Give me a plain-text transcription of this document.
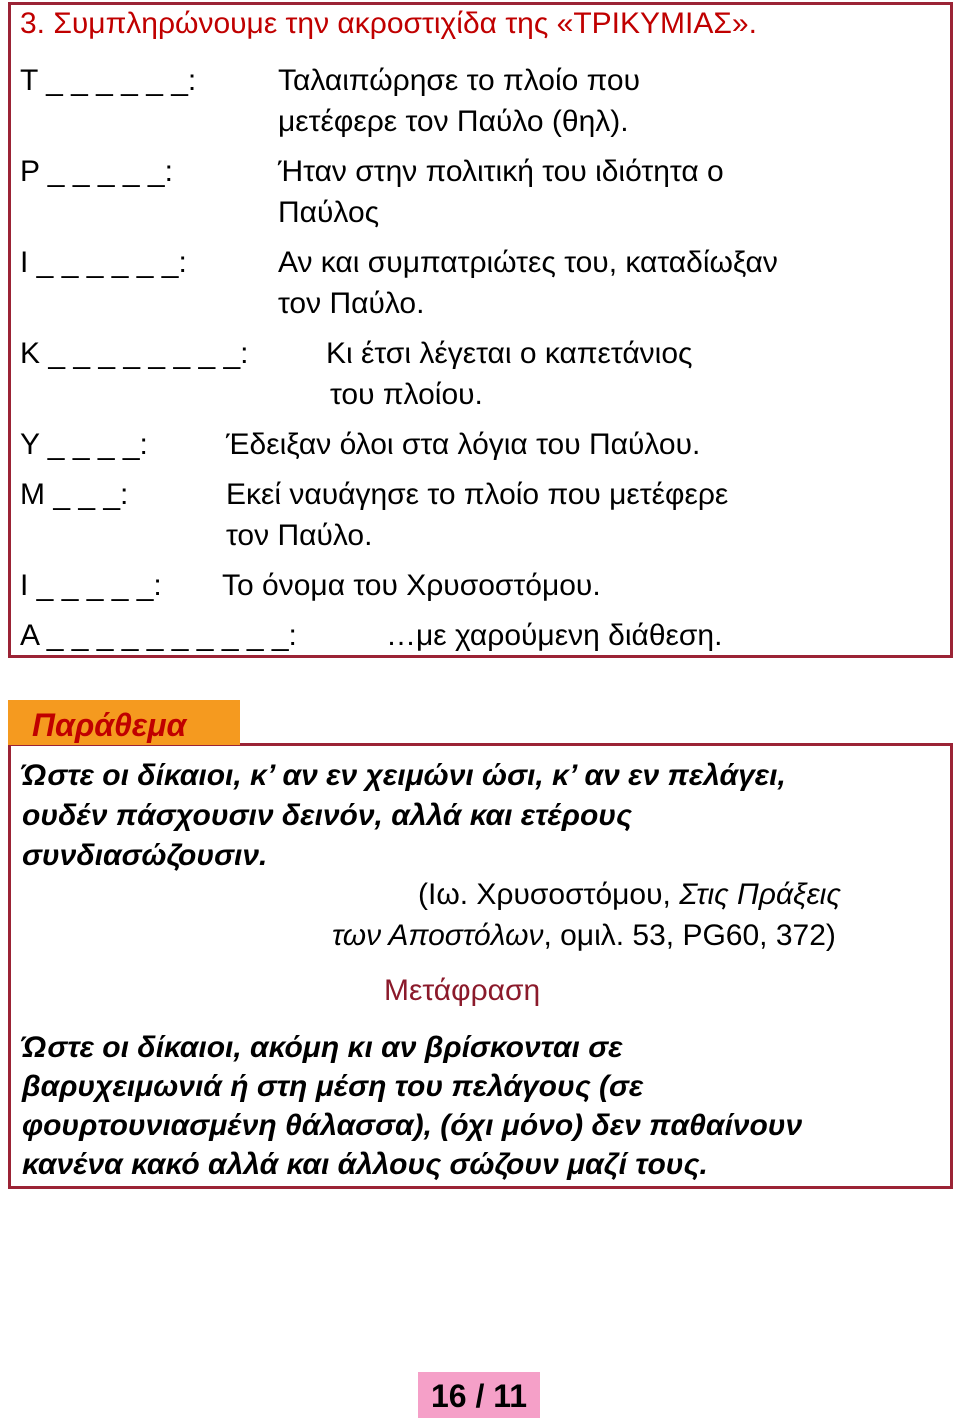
3. Συμπληρώνουμε την ακροστιχίδα της «ΤΡΙΚΥΜΙΑΣ».
Τ _ _ _ _ _ _:	Ταλαιπώρησε το πλοίο που
μετέφερε τον Παύλο (θηλ).
Ρ _ _ _ _ _:	Ήταν στην πολιτική του ιδιότητα ο
Παύλος
Ι _ _ _ _ _ _:	Αν και συμπατριώτες του, καταδίωξαν
τον Παύλο.
Κ _ _ _ _ _ _ _ _:	Κι έτσι λέγεται ο καπετάνιος
του πλοίου.
Υ _ _ _ _:	Έδειξαν όλοι στα λόγια του Παύλου.
Μ _ _ _:	Εκεί ναυάγησε το πλοίο που μετέφερε
τον Παύλο.
Ι _ _ _ _ _: Το όνομα του Χρυσοστόμου.
Α _ _ _ _ _ _ _ _ _ _:	…με χαρούμενη διάθεση.
Παράθεμα
Ώστε οι δίκαιοι, κ’ αν εν χειμώνι ώσι, κ’ αν εν πελάγει,
ουδέν πάσχουσιν δεινόν, αλλά και ετέρους
συνδιασώζουσιν.
(Ιω. Χρυσοστόμου, Στις Πράξεις
των Αποστόλων, ομιλ. 53, PG60, 372)
Μετάφραση
Ώστε οι δίκαιοι, ακόμη κι αν βρίσκονται σε
βαρυχειμωνιά ή στη μέση του πελάγους (σε
φουρτουνιασμένη θάλασσα), (όχι μόνο) δεν παθαίνουν
κανένα κακό αλλά και άλλους σώζουν μαζί τους.
16 / 11
